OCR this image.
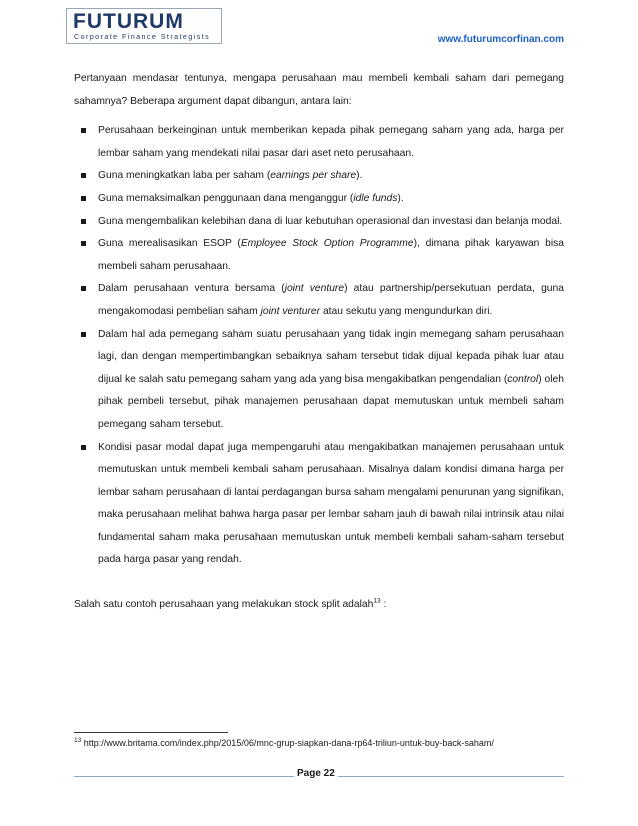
FUTURUM
Corporate Finance Strategists	www.futurumcorfinan.com

Pertanyaan mendasar tentunya, mengapa perusahaan mau membeli kembali saham dari pemegang sahamnya? Beberapa argument dapat dibangun, antara lain:

Perusahaan berkeinginan untuk memberikan kepada pihak pemegang saham yang ada, harga per lembar saham yang mendekati nilai pasar dari aset neto perusahaan.
Guna meningkatkan laba per saham (earnings per share).
Guna memaksimalkan penggunaan dana menganggur (idle funds).
Guna mengembalikan kelebihan dana di luar kebutuhan operasional dan investasi dan belanja modal.
Guna merealisasikan ESOP (Employee Stock Option Programme), dimana pihak karyawan bisa membeli saham perusahaan.
Dalam perusahaan ventura bersama (joint venture) atau partnership/persekutuan perdata, guna mengakomodasi pembelian saham joint venturer atau sekutu yang mengundurkan diri.
Dalam hal ada pemegang saham suatu perusahaan yang tidak ingin memegang saham perusahaan lagi, dan dengan mempertimbangkan sebaiknya saham tersebut tidak dijual kepada pihak luar atau dijual ke salah satu pemegang saham yang ada yang bisa mengakibatkan pengendalian (control) oleh pihak pembeli tersebut, pihak manajemen perusahaan dapat memutuskan untuk membeli saham pemegang saham tersebut.
Kondisi pasar modal dapat juga mempengaruhi atau mengakibatkan manajemen perusahaan untuk memutuskan untuk membeli kembali saham perusahaan. Misalnya dalam kondisi dimana harga per lembar saham perusahaan di lantai perdagangan bursa saham mengalami penurunan yang signifikan, maka perusahaan melihat bahwa harga pasar per lembar saham jauh di bawah nilai intrinsik atau nilai fundamental saham maka perusahaan memutuskan untuk membeli kembali saham-saham tersebut pada harga pasar yang rendah.

Salah satu contoh perusahaan yang melakukan stock split adalah$^{13}$ :

$^{13}$ http://www.britama.com/index.php/2015/06/mnc-grup-siapkan-dana-rp64-triliun-untuk-buy-back-saham/
Page 22
